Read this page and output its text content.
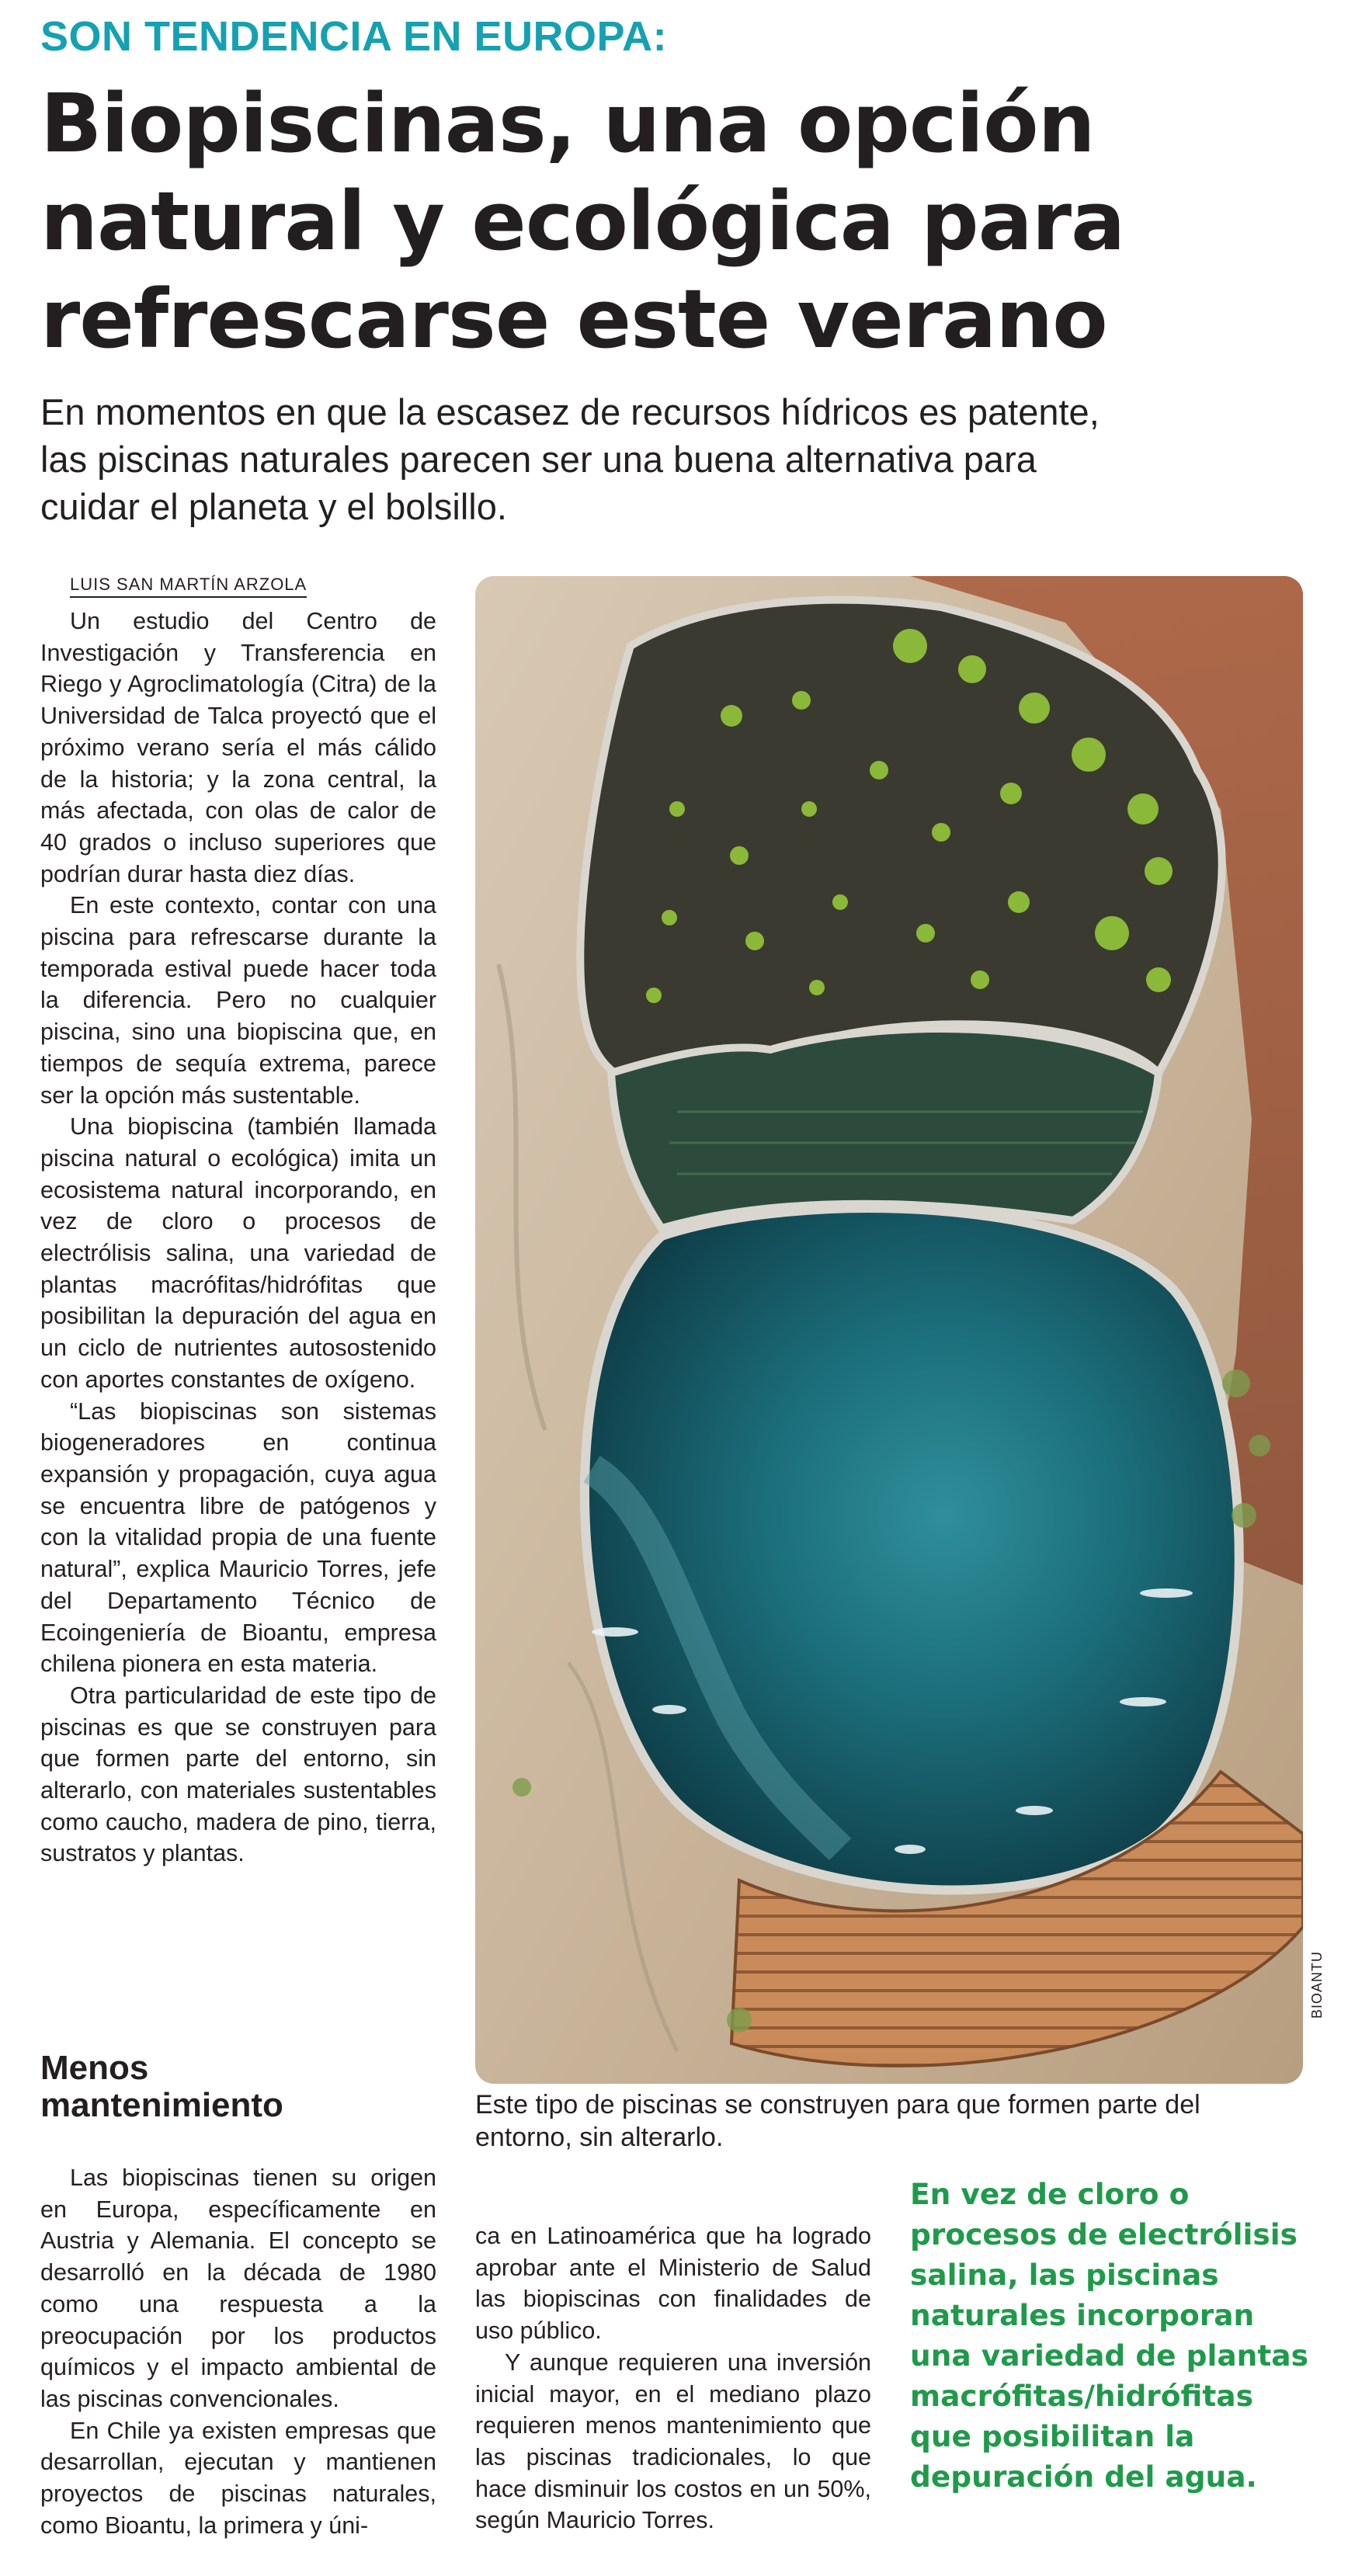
SON TENDENCIA EN EUROPA:
Biopiscinas, una opción
natural y ecológica para
refrescarse este verano
En momentos en que la escasez de recursos hídricos es patente,
las piscinas naturales parecen ser una buena alternativa para
cuidar el planeta y el bolsillo.
LUIS SAN MARTÍN ARZOLA

Un estudio del Centro de Investigación y Transferencia en Riego y Agroclimatología (Citra) de la Universidad de Talca proyectó que el próximo verano sería el más cálido de la historia; y la zona central, la más afectada, con olas de calor de 40 grados o incluso superiores que podrían durar hasta diez días.

En este contexto, contar con una piscina para refrescarse durante la temporada estival puede hacer toda la diferencia. Pero no cualquier piscina, sino una biopiscina que, en tiempos de sequía extrema, parece ser la opción más sustentable.

Una biopiscina (también llamada piscina natural o ecológica) imita un ecosistema natural incorporando, en vez de cloro o procesos de electrólisis salina, una variedad de plantas macrófitas/hidrófitas que posibilitan la depuración del agua en un ciclo de nutrientes autosostenido con aportes constantes de oxígeno.

“Las biopiscinas son sistemas biogeneradores en continua expansión y propagación, cuya agua se encuentra libre de patógenos y con la vitalidad propia de una fuente natural”, explica Mauricio Torres, jefe del Departamento Técnico de Ecoingeniería de Bioantu, empresa chilena pionera en esta materia.

Otra particularidad de este tipo de piscinas es que se construyen para que formen parte del entorno, sin alterarlo, con materiales sustentables como caucho, madera de pino, tierra, sustratos y plantas.

BIOANTU
Este tipo de piscinas se construyen para que formen parte del entorno, sin alterarlo.
Menos
mantenimiento

Las biopiscinas tienen su origen en Europa, específicamente en Austria y Alemania. El concepto se desarrolló en la década de 1980 como una respuesta a la preocupación por los productos químicos y el impacto ambiental de las piscinas convencionales.

En Chile ya existen empresas que desarrollan, ejecutan y mantienen proyectos de piscinas naturales, como Bioantu, la primera y úni-

ca en Latinoamérica que ha logrado aprobar ante el Ministerio de Salud las biopiscinas con finalidades de uso público.

Y aunque requieren una inversión inicial mayor, en el mediano plazo requieren menos mantenimiento que las piscinas tradicionales, lo que hace disminuir los costos en un 50%, según Mauricio Torres.

En vez de cloro o procesos de electrólisis salina, las piscinas naturales incorporan una variedad de plantas macrófitas/hidrófitas que posibilitan la depuración del agua.
